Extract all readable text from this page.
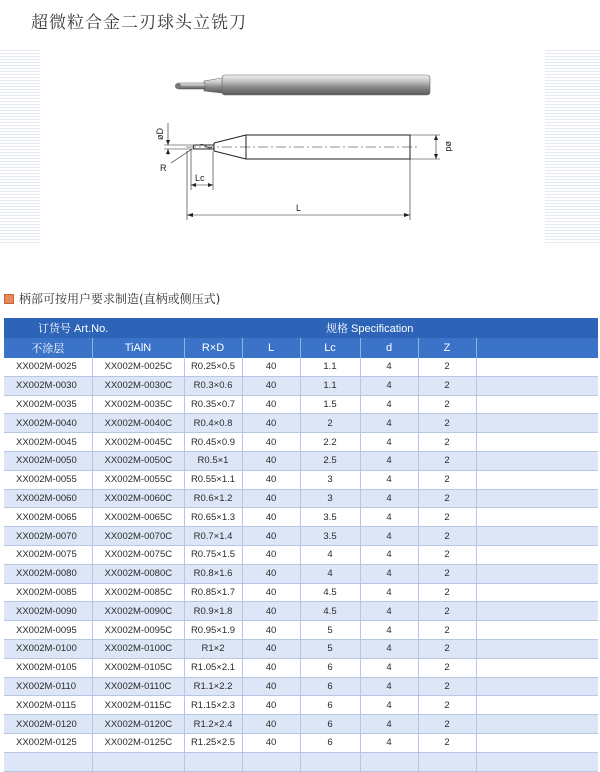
超微粒合金二刃球头立铣刀
øD
R
Lc
L
ød
柄部可按用户要求制造(直柄或侧压式)
订货号 Art.No.			规格 Specification				
不涂层	TiAlN	R×D	L	Lc	d	Z	
XX002M-0025	XX002M-0025C	R0.25×0.5	40	1.1	4	2	
XX002M-0030	XX002M-0030C	R0.3×0.6	40	1.1	4	2	
XX002M-0035	XX002M-0035C	R0.35×0.7	40	1.5	4	2	
XX002M-0040	XX002M-0040C	R0.4×0.8	40	2	4	2	
XX002M-0045	XX002M-0045C	R0.45×0.9	40	2.2	4	2	
XX002M-0050	XX002M-0050C	R0.5×1	40	2.5	4	2	
XX002M-0055	XX002M-0055C	R0.55×1.1	40	3	4	2	
XX002M-0060	XX002M-0060C	R0.6×1.2	40	3	4	2	
XX002M-0065	XX002M-0065C	R0.65×1.3	40	3.5	4	2	
XX002M-0070	XX002M-0070C	R0.7×1.4	40	3.5	4	2	
XX002M-0075	XX002M-0075C	R0.75×1.5	40	4	4	2	
XX002M-0080	XX002M-0080C	R0.8×1.6	40	4	4	2	
XX002M-0085	XX002M-0085C	R0.85×1.7	40	4.5	4	2	
XX002M-0090	XX002M-0090C	R0.9×1.8	40	4.5	4	2	
XX002M-0095	XX002M-0095C	R0.95×1.9	40	5	4	2	
XX002M-0100	XX002M-0100C	R1×2	40	5	4	2	
XX002M-0105	XX002M-0105C	R1.05×2.1	40	6	4	2	
XX002M-0110	XX002M-0110C	R1.1×2.2	40	6	4	2	
XX002M-0115	XX002M-0115C	R1.15×2.3	40	6	4	2	
XX002M-0120	XX002M-0120C	R1.2×2.4	40	6	4	2	
XX002M-0125	XX002M-0125C	R1.25×2.5	40	6	4	2	
